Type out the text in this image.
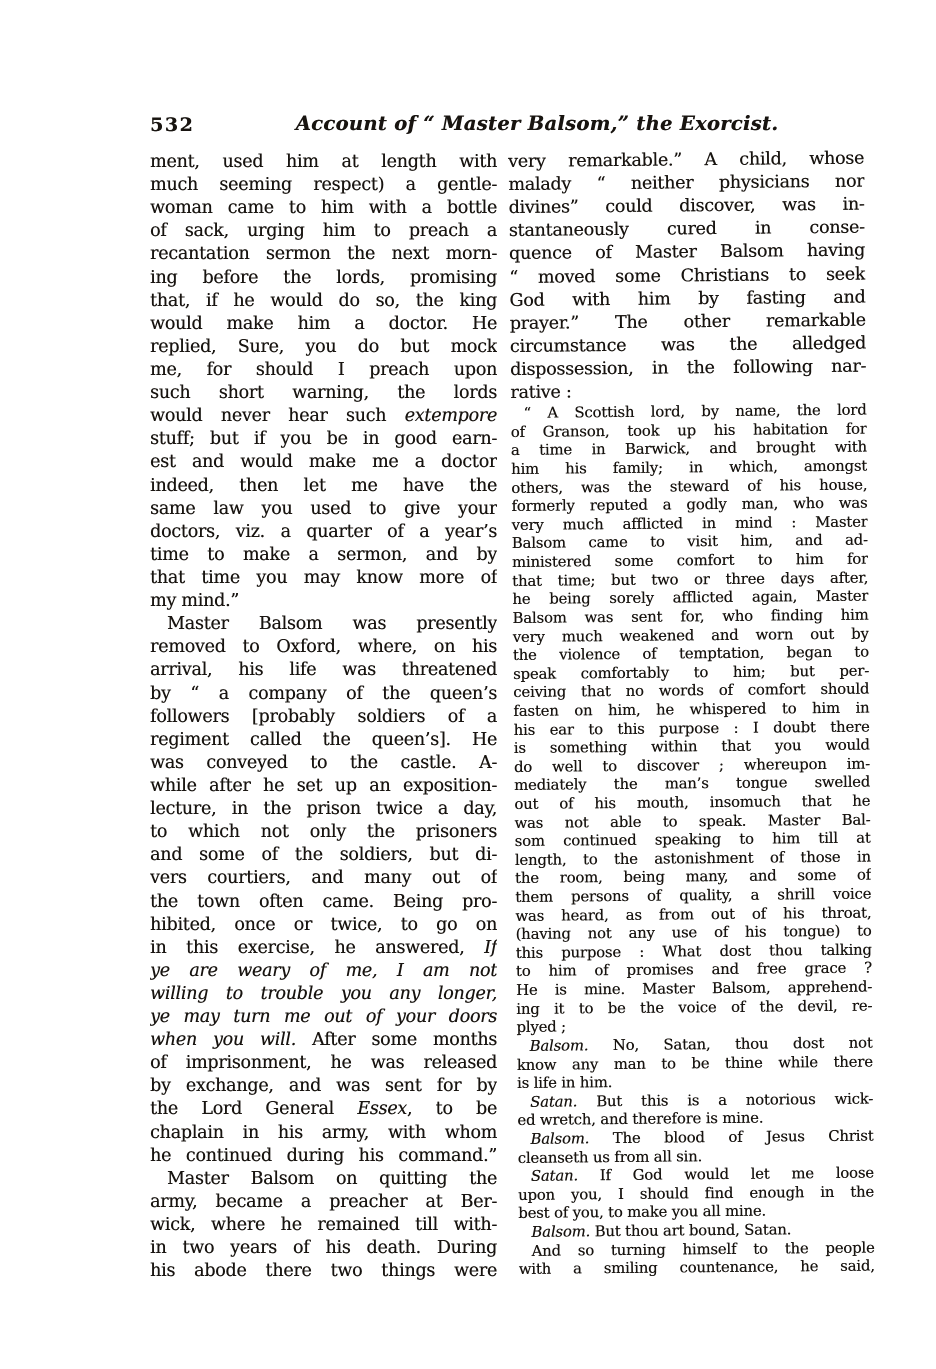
532	Account of “ Master Balsom,” the Exorcist.
ment, used him at length with
much seeming respect) a gentle-
woman came to him with a bottle
of sack, urging him to preach a
recantation sermon the next morn-
ing before the lords, promising
that, if he would do so, the king
would make him a doctor. He
replied, Sure, you do but mock
me, for should I preach upon
such short warning, the lords
would never hear such extempore
stuff; but if you be in good earn-
est and would make me a doctor
indeed, then let me have the
same law you used to give your
doctors, viz. a quarter of a year’s
time to make a sermon, and by
that time you may know more of
my mind.”
Master Balsom was presently
removed to Oxford, where, on his
arrival, his life was threatened
by “ a company of the queen’s
followers [probably soldiers of a
regiment called the queen’s]. He
was conveyed to the castle. A-
while after he set up an exposition-
lecture, in the prison twice a day,
to which not only the prisoners
and some of the soldiers, but di-
vers courtiers, and many out of
the town often came. Being pro-
hibited, once or twice, to go on
in this exercise, he answered, If
ye are weary of me, I am not
willing to trouble you any longer,
ye may turn me out of your doors
when you will. After some months
of imprisonment, he was released
by exchange, and was sent for by
the Lord General Essex, to be
chaplain in his army, with whom
he continued during his command.”
Master Balsom on quitting the
army, became a preacher at Ber-
wick, where he remained till with-
in two years of his death. During
his abode there two things were
very remarkable.” A child, whose
malady “ neither physicians nor
divines” could discover, was in-
stantaneously cured in conse-
quence of Master Balsom having
“ moved some Christians to seek
God with him by fasting and
prayer.” The other remarkable
circumstance was the alledged
dispossession, in the following nar-
rative :
“ A Scottish lord, by name, the lord
of Granson, took up his habitation for
a time in Barwick, and brought with
him his family; in which, amongst
others, was the steward of his house,
formerly reputed a godly man, who was
very much afflicted in mind : Master
Balsom came to visit him, and ad-
ministered some comfort to him for
that time; but two or three days after,
he being sorely afflicted again, Master
Balsom was sent for, who finding him
very much weakened and worn out by
the violence of temptation, began to
speak comfortably to him; but per-
ceiving that no words of comfort should
fasten on him, he whispered to him in
his ear to this purpose : I doubt there
is something within that you would
do well to discover ; whereupon im-
mediately the man’s tongue swelled
out of his mouth, insomuch that he
was not able to speak. Master Bal-
som continued speaking to him till at
length, to the astonishment of those in
the room, being many, and some of
them persons of quality, a shrill voice
was heard, as from out of his throat,
(having not any use of his tongue) to
this purpose : What dost thou talking
to him of promises and free grace ?
He is mine. Master Balsom, apprehend-
ing it to be the voice of the devil, re-
plyed ;
Balsom. No, Satan, thou dost not
know any man to be thine while there
is life in him.
Satan. But this is a notorious wick-
ed wretch, and therefore is mine.
Balsom. The blood of Jesus Christ
cleanseth us from all sin.
Satan. If God would let me loose
upon you, I should find enough in the
best of you, to make you all mine.
Balsom. But thou art bound, Satan.
And so turning himself to the people
with a smiling countenance, he said,
